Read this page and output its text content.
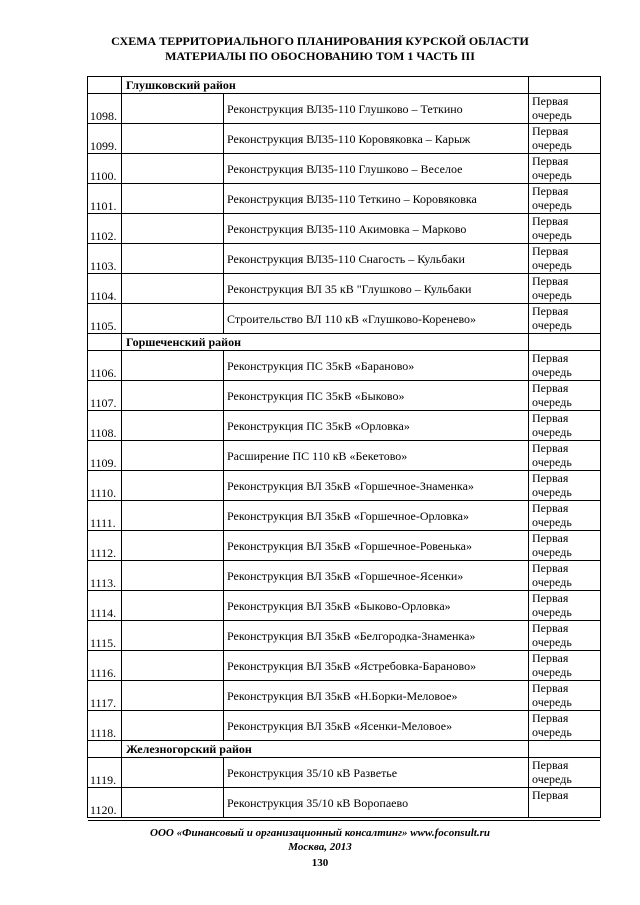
СХЕМА ТЕРРИТОРИАЛЬНОГО ПЛАНИРОВАНИЯ КУРСКОЙ ОБЛАСТИ
МАТЕРИАЛЫ ПО ОБОСНОВАНИЮ ТОМ 1 ЧАСТЬ III
	Глушковский район		
1098.		Реконструкция ВЛ35-110 Глушково – Теткино	Первая очередь
1099.		Реконструкция ВЛ35-110 Коровяковка – Карыж	Первая очередь
1100.		Реконструкция ВЛ35-110 Глушково – Веселое	Первая очередь
1101.		Реконструкция ВЛ35-110 Теткино – Коровяковка	Первая очередь
1102.		Реконструкция ВЛ35-110 Акимовка – Марково	Первая очередь
1103.		Реконструкция ВЛ35-110 Снагость – Кульбаки	Первая очередь
1104.		Реконструкция ВЛ 35 кВ "Глушково – Кульбаки	Первая очередь
1105.		Строительство ВЛ 110 кВ «Глушково-Коренево»	Первая очередь
	Горшеченский район		
1106.		Реконструкция ПС 35кВ «Бараново»	Первая очередь
1107.		Реконструкция ПС 35кВ «Быково»	Первая очередь
1108.		Реконструкция ПС 35кВ «Орловка»	Первая очередь
1109.		Расширение ПС 110 кВ «Бекетово»	Первая очередь
1110.		Реконструкция ВЛ 35кВ «Горшечное-Знаменка»	Первая очередь
1111.		Реконструкция ВЛ 35кВ «Горшечное-Орловка»	Первая очередь
1112.		Реконструкция ВЛ 35кВ «Горшечное-Ровенька»	Первая очередь
1113.		Реконструкция ВЛ 35кВ «Горшечное-Ясенки»	Первая очередь
1114.		Реконструкция ВЛ 35кВ «Быково-Орловка»	Первая очередь
1115.		Реконструкция ВЛ 35кВ «Белгородка-Знаменка»	Первая очередь
1116.		Реконструкция ВЛ 35кВ «Ястребовка-Бараново»	Первая очередь
1117.		Реконструкция ВЛ 35кВ «Н.Борки-Меловое»	Первая очередь
1118.		Реконструкция ВЛ 35кВ «Ясенки-Меловое»	Первая очередь
	Железногорский район		
1119.		Реконструкция 35/10 кВ Разветье	Первая очередь
1120.		Реконструкция 35/10 кВ Воропаево	Первая
ООО «Финансовый и организационный консалтинг» www.foconsult.ru
Москва, 2013
130
